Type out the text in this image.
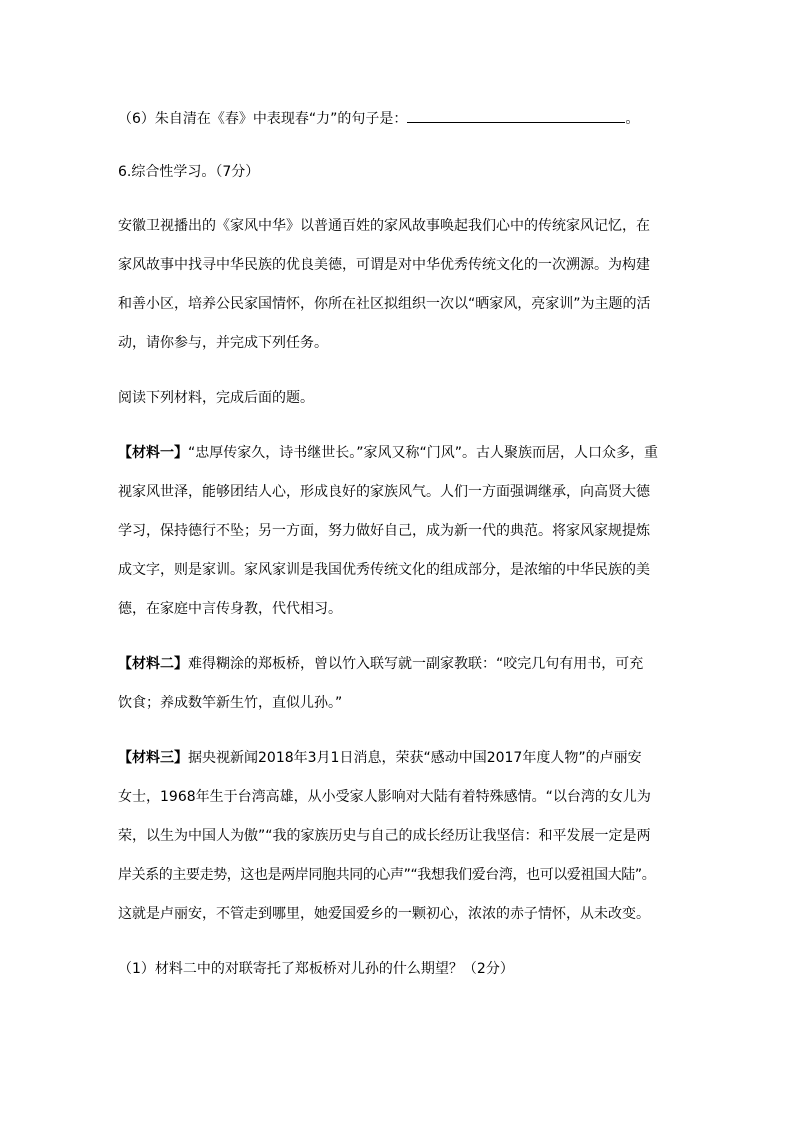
（6）朱自清在《春》中表现春“力”的句子是：	。
6.综合性学习。（7分）
安徽卫视播出的《家风中华》以普通百姓的家风故事唤起我们心中的传统家风记忆，在
家风故事中找寻中华民族的优良美德，可谓是对中华优秀传统文化的一次溯源。为构建
和善小区，培养公民家国情怀，你所在社区拟组织一次以“晒家风，亮家训”为主题的活
动，请你参与，并完成下列任务。
阅读下列材料，完成后面的题。
【材料一】“忠厚传家久，诗书继世长。”家风又称“门风”。古人聚族而居，人口众多，重
视家风世泽，能够团结人心，形成良好的家族风气。人们一方面强调继承，向高贤大德
学习，保持德行不坠；另一方面，努力做好自己，成为新一代的典范。将家风家规提炼
成文字，则是家训。家风家训是我国优秀传统文化的组成部分，是浓缩的中华民族的美
德，在家庭中言传身教，代代相习。
【材料二】难得糊涂的郑板桥，曾以竹入联写就一副家教联：“咬完几句有用书，可充
饮食；养成数竿新生竹，直似儿孙。”
【材料三】据央视新闻2018年3月1日消息，荣获“感动中国2017年度人物”的卢丽安
女士，1968年生于台湾高雄，从小受家人影响对大陆有着特殊感情。“以台湾的女儿为
荣，以生为中国人为傲”“我的家族历史与自己的成长经历让我坚信：和平发展一定是两
岸关系的主要走势，这也是两岸同胞共同的心声”“我想我们爱台湾，也可以爱祖国大陆”。
这就是卢丽安，不管走到哪里，她爱国爱乡的一颗初心，浓浓的赤子情怀，从未改变。
（1）材料二中的对联寄托了郑板桥对儿孙的什么期望？（2分）
